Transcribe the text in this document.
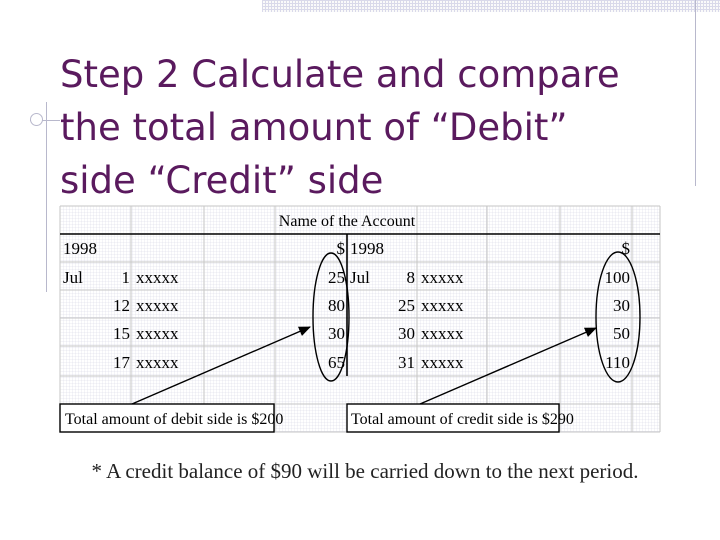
Step 2 Calculate and compare
the total amount of “Debit”
side “Credit” side
Name of the Account
1998	$
Jul 1 xxxxx	25
12 xxxxx	80
15 xxxxx	30
17 xxxxx	65
1998	$
Jul 8 xxxxx	100
25 xxxxx	30
30 xxxxx	50
31 xxxxx	110
Total amount of debit side is $200	Total amount of credit side is $290
* A credit balance of $90 will be carried down to the next period.
